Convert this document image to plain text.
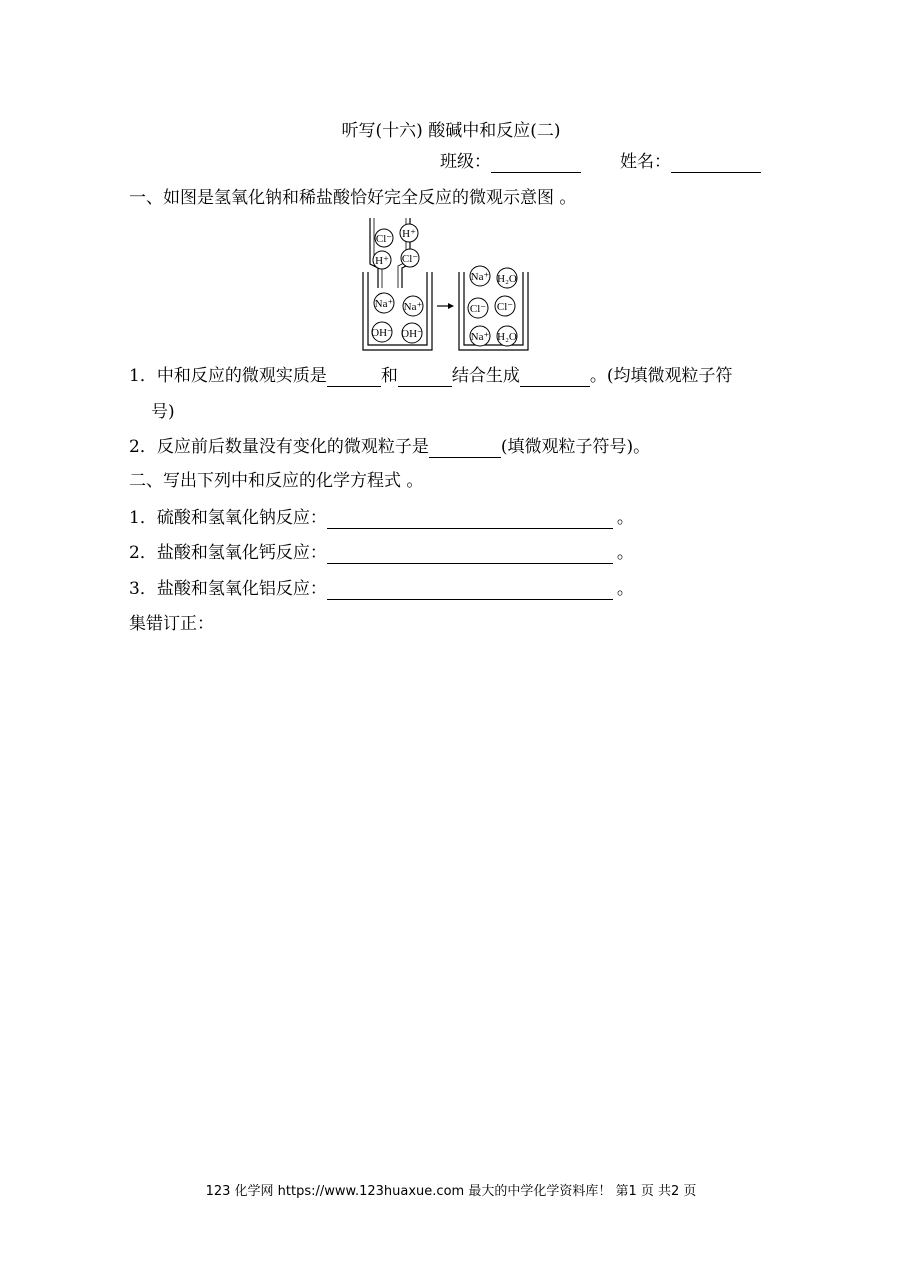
听写(十六) 酸碱中和反应(二)
班级：	姓名：
一、如图是氢氧化钠和稀盐酸恰好完全反应的微观示意图 。
Cl⁻ H⁺
H⁺ Cl⁻
Na⁺ Na⁺
OH⁻ OH⁻
Na⁺ H₂O
Cl⁻ Cl⁻
Na⁺ H₂O
1．中和反应的微观实质是	和	结合生成	。(均填微观粒子符
号)
2．反应前后数量没有变化的微观粒子是	(填微观粒子符号)。
二、写出下列中和反应的化学方程式 。
1．硫酸和氢氧化钠反应：	。
2．盐酸和氢氧化钙反应：	。
3．盐酸和氢氧化铝反应：	。
集错订正：
123 化学网 https://www.123huaxue.com 最大的中学化学资料库！ 第1 页 共2 页
